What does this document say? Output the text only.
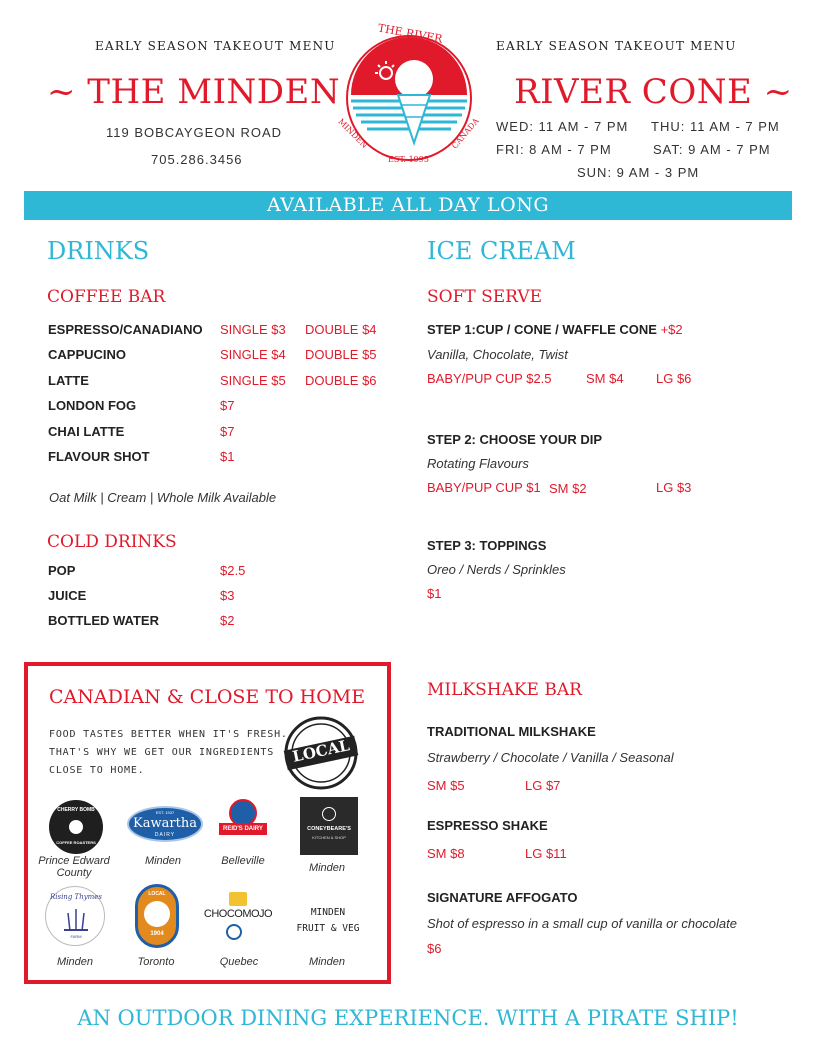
EARLY SEASON TAKEOUT MENU	EARLY SEASON TAKEOUT MENU
~ THE MINDEN	RIVER CONE ~
119 BOBCAYGEON ROAD
705.286.3456
THE RIVER CONE
MINDEN	CANADA
EST. 1995
WED: 11 AM - 7 PM THU: 11 AM - 7 PM
FRI: 8 AM - 7 PM	SAT: 9 AM - 7 PM
SUN: 9 AM - 3 PM
AVAILABLE ALL DAY LONG
DRINKS
COFFEE BAR
ESPRESSO/CANADIANO SINGLE $3 DOUBLE $4
CAPPUCINO	SINGLE $4 DOUBLE $5
LATTE	SINGLE $5 DOUBLE $6
LONDON FOG	$7
CHAI LATTE	$7
FLAVOUR SHOT	$1
Oat Milk | Cream | Whole Milk Available
COLD DRINKS
POP	$2.5
JUICE	$3
BOTTLED WATER	$2
ICE CREAM
SOFT SERVE
STEP 1:CUP / CONE / WAFFLE CONE +$2
Vanilla, Chocolate, Twist
BABY/PUP CUP $2.5	SM $4 LG $6
STEP 2: CHOOSE YOUR DIP
Rotating Flavours
BABY/PUP CUP $1 SM $2	LG $3
STEP 3: TOPPINGS
Oreo / Nerds / Sprinkles
$1
CANADIAN & CLOSE TO HOME
FOOD TASTES BETTER WHEN IT'S FRESH.
THAT'S WHY WE GET OUR INGREDIENTS
CLOSE TO HOME.
LOCAL
CHERRY BOMB
COFFEE ROASTERS
EST. 1937
Kawartha
DAIRY
REID'S DAIRY	CONEYBEARE'S
KITCHEN & SHOP
Prince Edward County
Minden	Belleville
Minden
Rising Thymes
FARM
LOCAL
1904
CHOCOMOJO	MINDEN
FRUIT & VEG
Minden	Toronto	Quebec	Minden
MILKSHAKE BAR
TRADITIONAL MILKSHAKE
Strawberry / Chocolate / Vanilla / Seasonal
SM $5	LG $7
ESPRESSO SHAKE
SM $8	LG $11
SIGNATURE AFFOGATO
Shot of espresso in a small cup of vanilla or chocolate
$6
AN OUTDOOR DINING EXPERIENCE. WITH A PIRATE SHIP!
